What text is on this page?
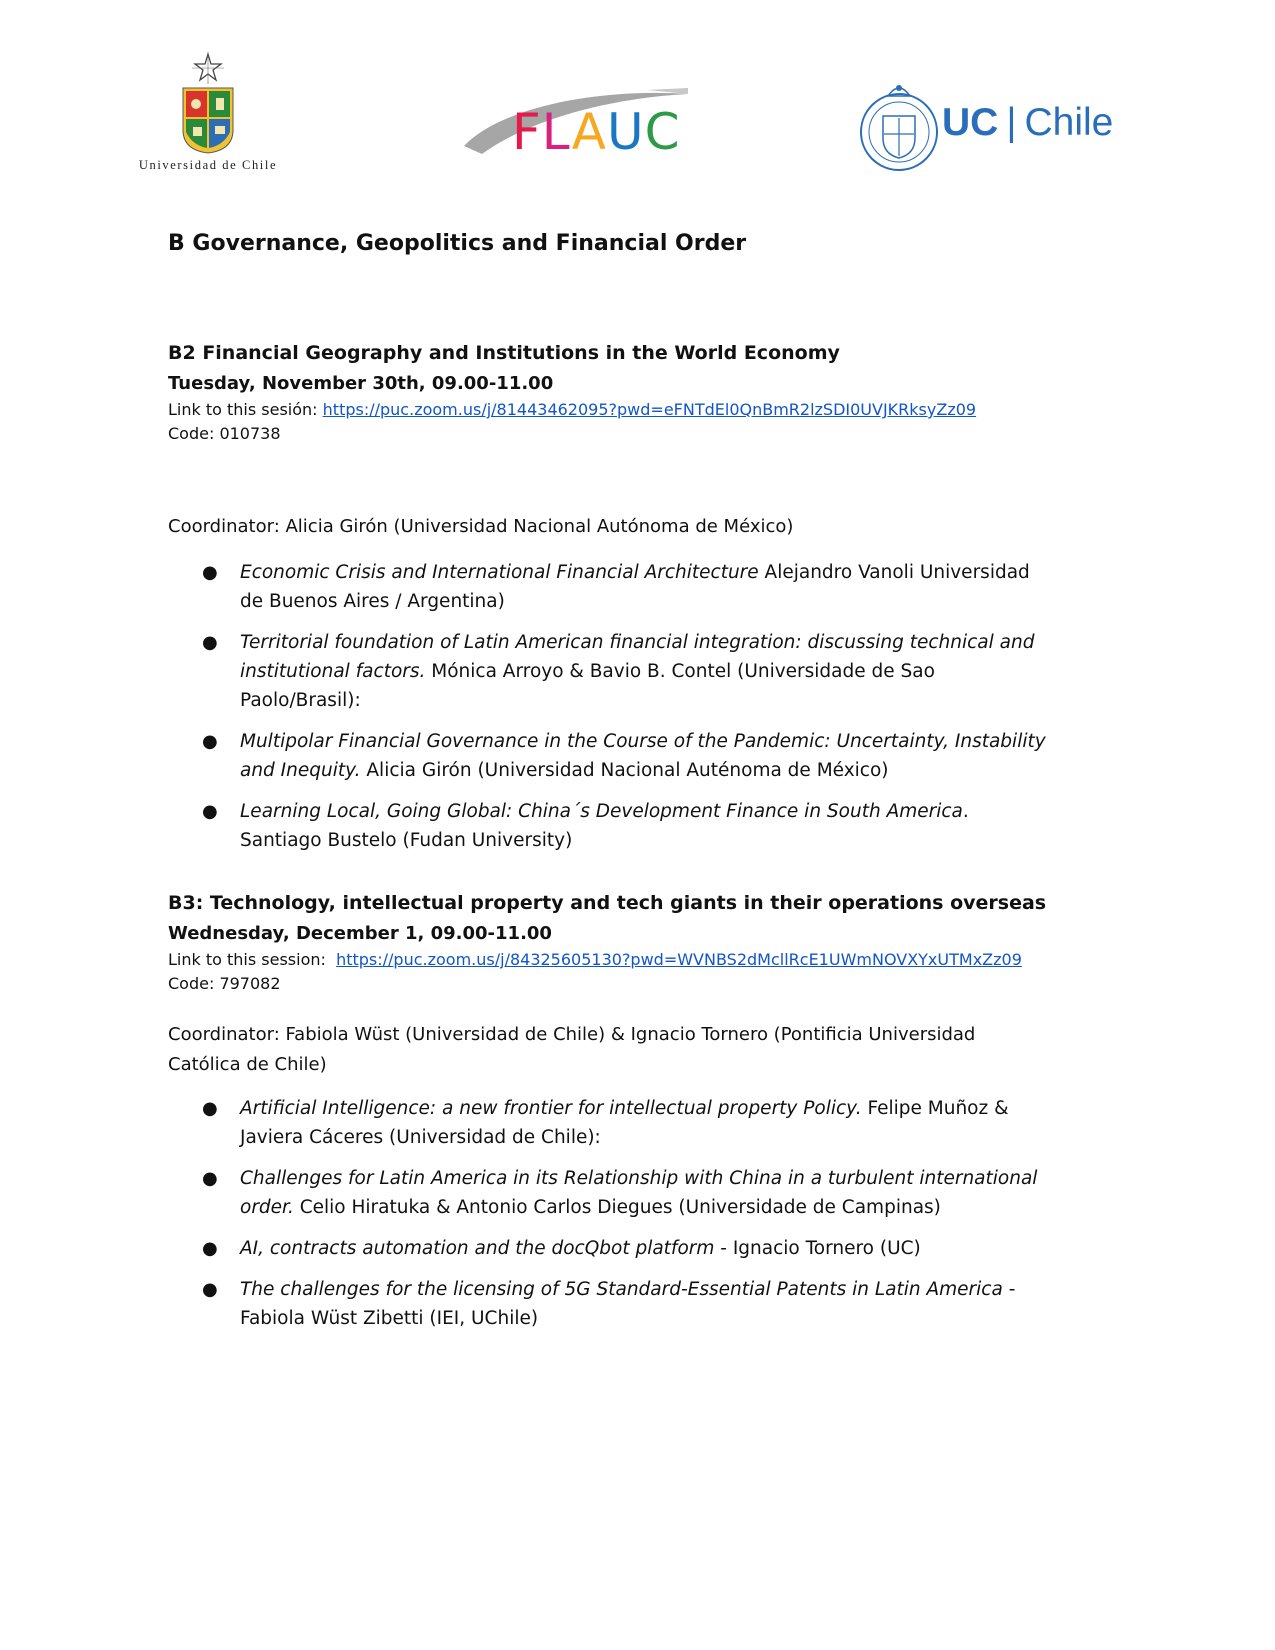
Universidad de Chile
FLAUC	UC | Chile
B Governance, Geopolitics and Financial Order
B2 Financial Geography and Institutions in the World Economy
Tuesday, November 30th, 09.00-11.00
Link to this sesión: https://puc.zoom.us/j/81443462095?pwd=eFNTdEl0QnBmR2lzSDI0UVJKRksyZz09
Code: 010738
Coordinator: Alicia Girón (Universidad Nacional Autónoma de México)
● Economic Crisis and International Financial Architecture Alejandro Vanoli Universidad de Buenos Aires / Argentina)
● Territorial foundation of Latin American financial integration: discussing technical and institutional factors. Mónica Arroyo & Bavio B. Contel (Universidade de Sao Paolo/Brasil):
● Multipolar Financial Governance in the Course of the Pandemic: Uncertainty, Instability and Inequity. Alicia Girón (Universidad Nacional Auténoma de México)
● Learning Local, Going Global: China´s Development Finance in South America. Santiago Bustelo (Fudan University)
B3: Technology, intellectual property and tech giants in their operations overseas
Wednesday, December 1, 09.00-11.00
Link to this session: https://puc.zoom.us/j/84325605130?pwd=WVNBS2dMcllRcE1UWmNOVXYxUTMxZz09
Code: 797082
Coordinator: Fabiola Wüst (Universidad de Chile) & Ignacio Tornero (Pontificia Universidad Católica de Chile)
● Artificial Intelligence: a new frontier for intellectual property Policy. Felipe Muñoz & Javiera Cáceres (Universidad de Chile):
● Challenges for Latin America in its Relationship with China in a turbulent international order. Celio Hiratuka & Antonio Carlos Diegues (Universidade de Campinas)
● AI, contracts automation and the docQbot platform - Ignacio Tornero (UC)
● The challenges for the licensing of 5G Standard-Essential Patents in Latin America - Fabiola Wüst Zibetti (IEI, UChile)
